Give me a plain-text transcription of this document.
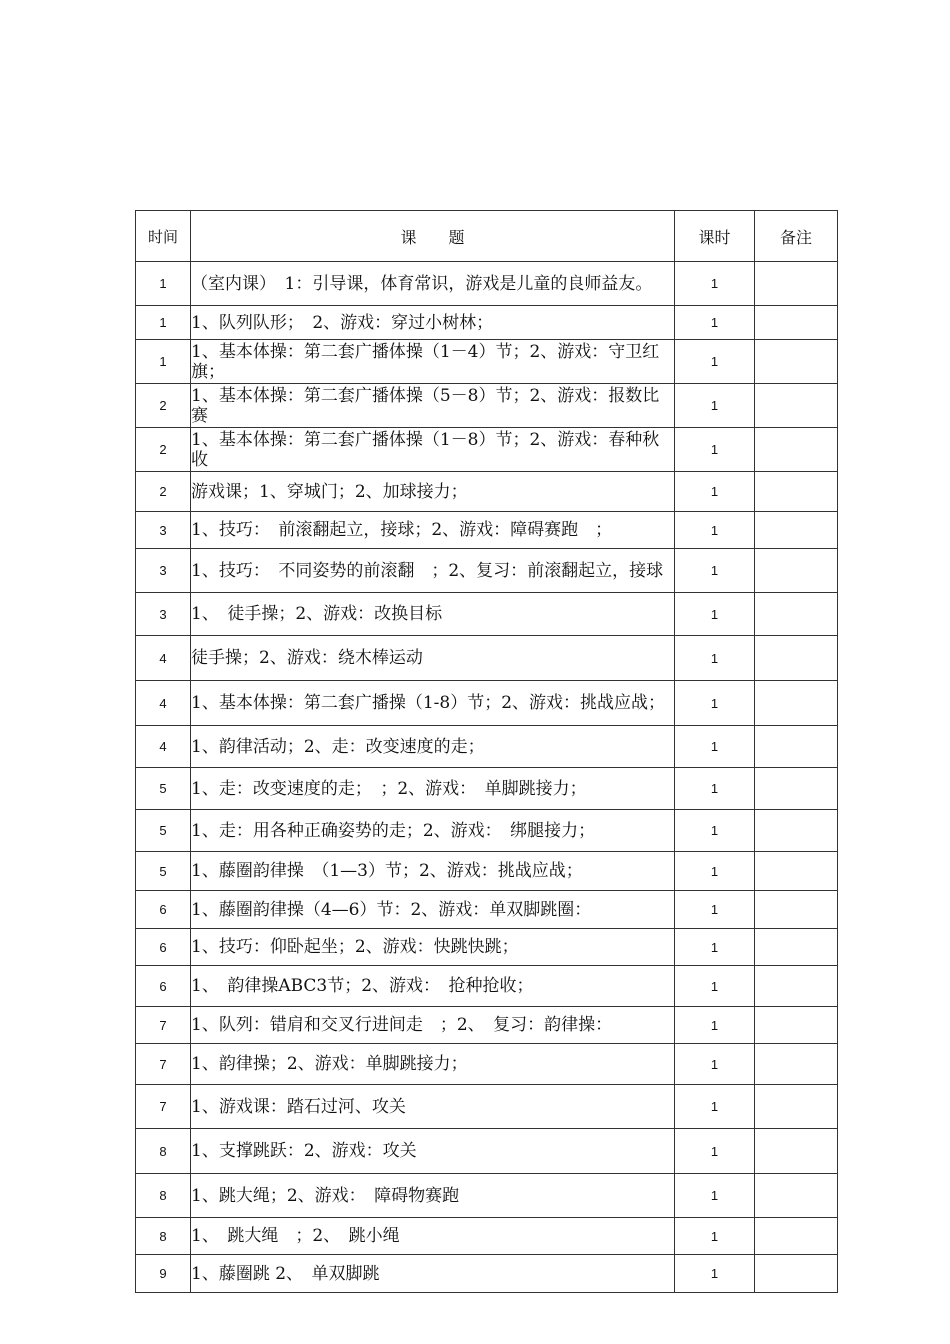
时间	课　　题	课时	备注
1	（室内课）　1：引导课，体育常识，游戏是儿童的良师益友。	1	
1	1、队列队形；　2、游戏：穿过小树林；	1	
1	1、基本体操：第二套广播体操（1－4）节；2、游戏：守卫红旗；	1	
2	1、基本体操：第二套广播体操（5－8）节；2、游戏：报数比赛	1	
2	1、基本体操：第二套广播体操（1－8）节；2、游戏：春种秋收	1	
2	游戏课；1、穿城门；2、加球接力；	1	
3	1、技巧：　前滚翻起立，接球；2、游戏：障碍赛跑　；	1	
3	1、技巧：　不同姿势的前滚翻　；2、复习：前滚翻起立，接球	1	
3	1、　徒手操；2、游戏：改换目标	1	
4	徒手操；2、游戏：绕木棒运动	1	
4	1、基本体操：第二套广播操（1-8）节；2、游戏：挑战应战；	1	
4	1、韵律活动；2、走：改变速度的走；	1	
5	1、走：改变速度的走；　；2、游戏：　单脚跳接力；	1	
5	1、走：用各种正确姿势的走；2、游戏：　绑腿接力；	1	
5	1、藤圈韵律操　（1—3）节；2、游戏：挑战应战；	1	
6	1、藤圈韵律操（4—6）节：2、游戏：单双脚跳圈：	1	
6	1、技巧：仰卧起坐；2、游戏：快跳快跳；	1	
6	1、　韵律操ABC3节；2、游戏：　抢种抢收；	1	
7	1、队列：错肩和交叉行进间走　；2、　复习：韵律操：	1	
7	1、韵律操；2、游戏：单脚跳接力；	1	
7	1、游戏课：踏石过河、攻关	1	
8	1、支撑跳跃：2、游戏：攻关	1	
8	1、跳大绳；2、游戏：　障碍物赛跑	1	
8	1、　跳大绳　；2、　跳小绳	1	
9	1、藤圈跳 2、　单双脚跳	1	
